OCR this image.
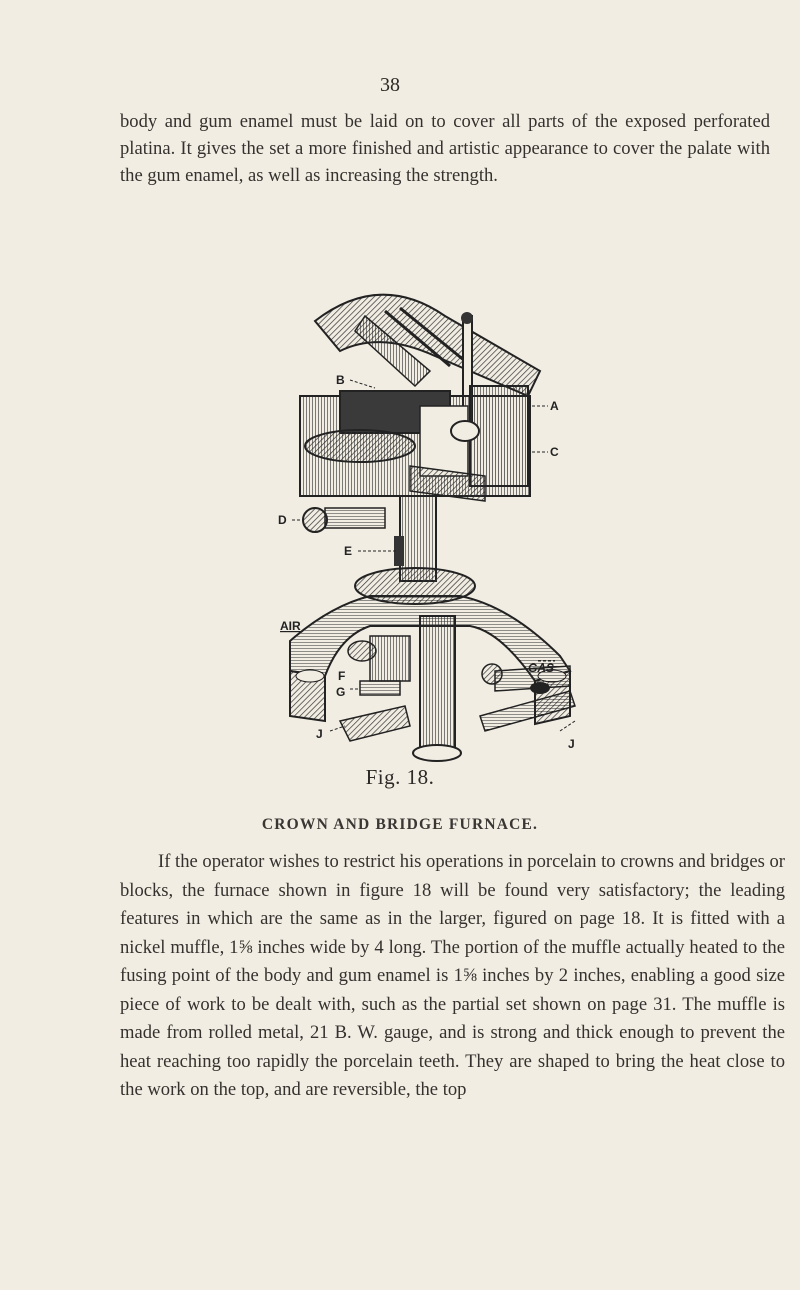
38

body and gum enamel must be laid on to cover all parts of the exposed perforated platina. It gives the set a more finished and artistic appearance to cover the palate with the gum enamel, as well as increasing the strength.

B
A
C
D
E
AIR
F
G
GAS
J
J
Fig. 18.
CROWN AND BRIDGE FURNACE.

If the operator wishes to restrict his operations in porcelain to crowns and bridges or blocks, the furnace shown in figure 18 will be found very satisfactory; the leading features in which are the same as in the larger, figured on page 18. It is fitted with a nickel muffle, 1⅝ inches wide by 4 long. The portion of the muffle actually heated to the fusing point of the body and gum enamel is 1⅝ inches by 2 inches, enabling a good size piece of work to be dealt with, such as the partial set shown on page 31. The muffle is made from rolled metal, 21 B. W. gauge, and is strong and thick enough to prevent the heat reaching too rapidly the porcelain teeth. They are shaped to bring the heat close to the work on the top, and are reversible, the top
